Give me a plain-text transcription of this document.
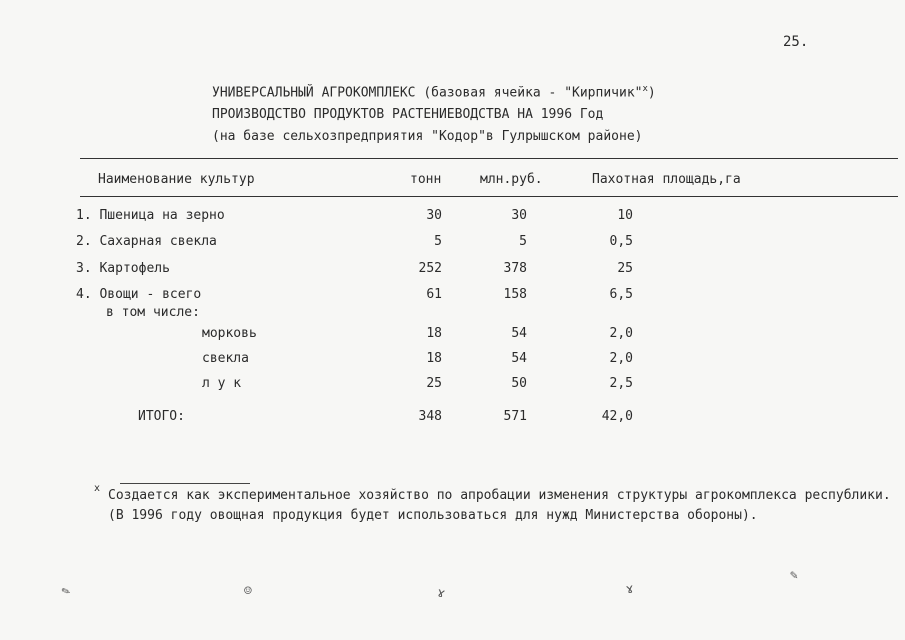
25.
УНИВЕРСАЛЬНЫЙ АГРОКОМПЛЕКС (базовая ячейка - "Кирпичик"$^х$)
ПРОИЗВОДСТВО ПРОДУКТОВ РАСТЕНИЕВОДСТВА НА 1996 Год
(на базе сельхозпредприятия "Кодор"в Гулрышском районе)
Наименование культур	тонн	млн.руб.	Пахотная площадь,га
1. Пшеница на зерно	30	30	10
2. Сахарная свекла	5	5	0,5
3. Картофель	252	378	25
4. Овощи - всего	61	158	6,5
в том числе:
морковь	18	54	2,0
свекла	18	54	2,0
л у к	25	50	2,5
ИТОГО:	348	571	42,0
х Создается как экспериментальное хозяйство по апробации изменения структуры агрокомплекса республики.
(В 1996 году овощная продукция будет использоваться для нужд Министерства обороны).
✎	☺	ɤ	ɤ
✎
